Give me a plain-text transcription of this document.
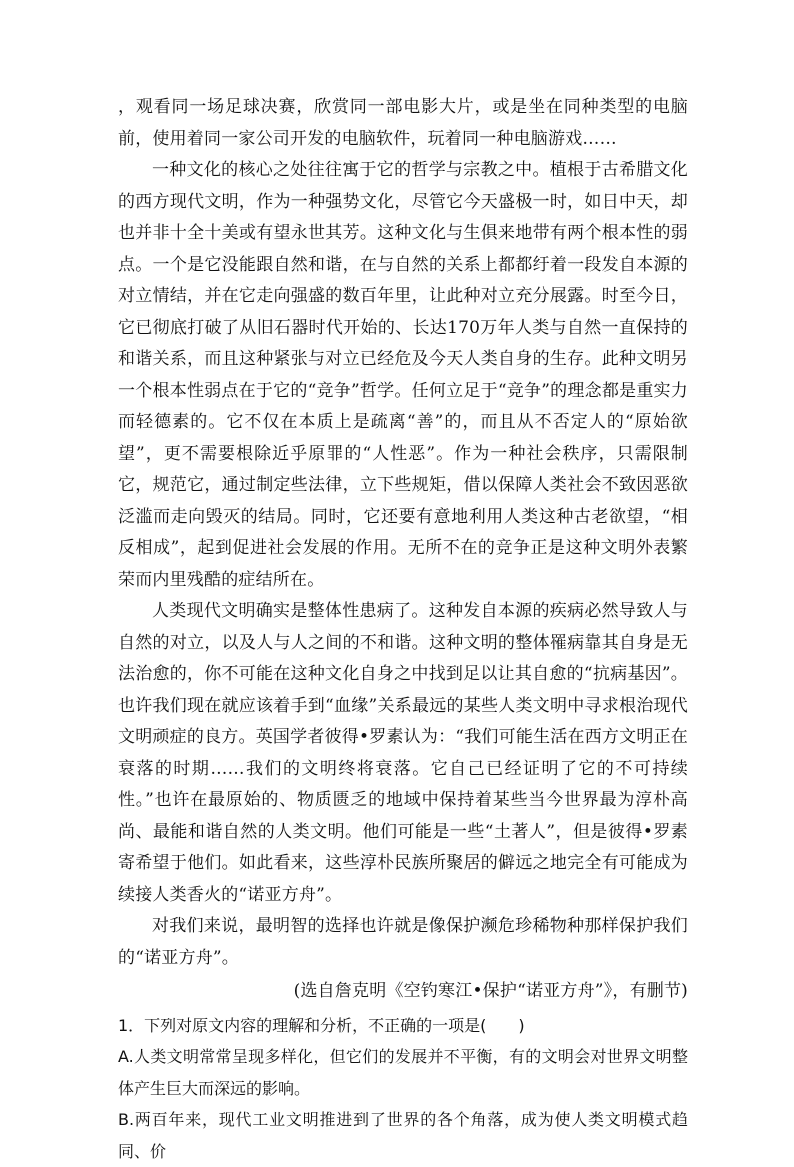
，观看同一场足球决赛，欣赏同一部电影大片，或是坐在同种类型的电脑前，使用着同一家公司开发的电脑软件，玩着同一种电脑游戏……

一种文化的核心之处往往寓于它的哲学与宗教之中。植根于古希腊文化的西方现代文明，作为一种强势文化，尽管它今天盛极一时，如日中天，却也并非十全十美或有望永世其芳。这种文化与生俱来地带有两个根本性的弱点。一个是它没能跟自然和谐，在与自然的关系上都都纡着一段发自本源的对立情结，并在它走向强盛的数百年里，让此种对立充分展露。时至今日，它已彻底打破了从旧石器时代开始的、长达170万年人类与自然一直保持的和谐关系，而且这种紧张与对立已经危及今天人类自身的生存。此种文明另一个根本性弱点在于它的“竞争”哲学。任何立足于“竞争”的理念都是重实力而轻德素的。它不仅在本质上是疏离“善”的，而且从不否定人的“原始欲望”，更不需要根除近乎原罪的“人性恶”。作为一种社会秩序，只需限制它，规范它，通过制定些法律，立下些规矩，借以保障人类社会不致因恶欲泛滥而走向毁灭的结局。同时，它还要有意地利用人类这种古老欲望，“相反相成”，起到促进社会发展的作用。无所不在的竞争正是这种文明外表繁荣而内里残酷的症结所在。

人类现代文明确实是整体性患病了。这种发自本源的疾病必然导致人与自然的对立，以及人与人之间的不和谐。这种文明的整体罹病靠其自身是无法治愈的，你不可能在这种文化自身之中找到足以让其自愈的“抗病基因”。也许我们现在就应该着手到“血缘”关系最远的某些人类文明中寻求根治现代文明顽症的良方。英国学者彼得•罗素认为：“我们可能生活在西方文明正在衰落的时期……我们的文明终将衰落。它自己已经证明了它的不可持续性。”也许在最原始的、物质匮乏的地域中保持着某些当今世界最为淳朴高尚、最能和谐自然的人类文明。他们可能是一些“土著人”，但是彼得•罗素寄希望于他们。如此看来，这些淳朴民族所聚居的僻远之地完全有可能成为续接人类香火的“诺亚方舟”。

对我们来说，最明智的选择也许就是像保护濒危珍稀物种那样保护我们的“诺亚方舟”。

(选自詹克明《空钓寒江•保护“诺亚方舟”》，有删节)

1．下列对原文内容的理解和分析，不正确的一项是(　　)

A.人类文明常常呈现多样化，但它们的发展并不平衡，有的文明会对世界文明整体产生巨大而深远的影响。

B.两百年来，现代工业文明推进到了世界的各个角落，成为使人类文明模式趋同、价
